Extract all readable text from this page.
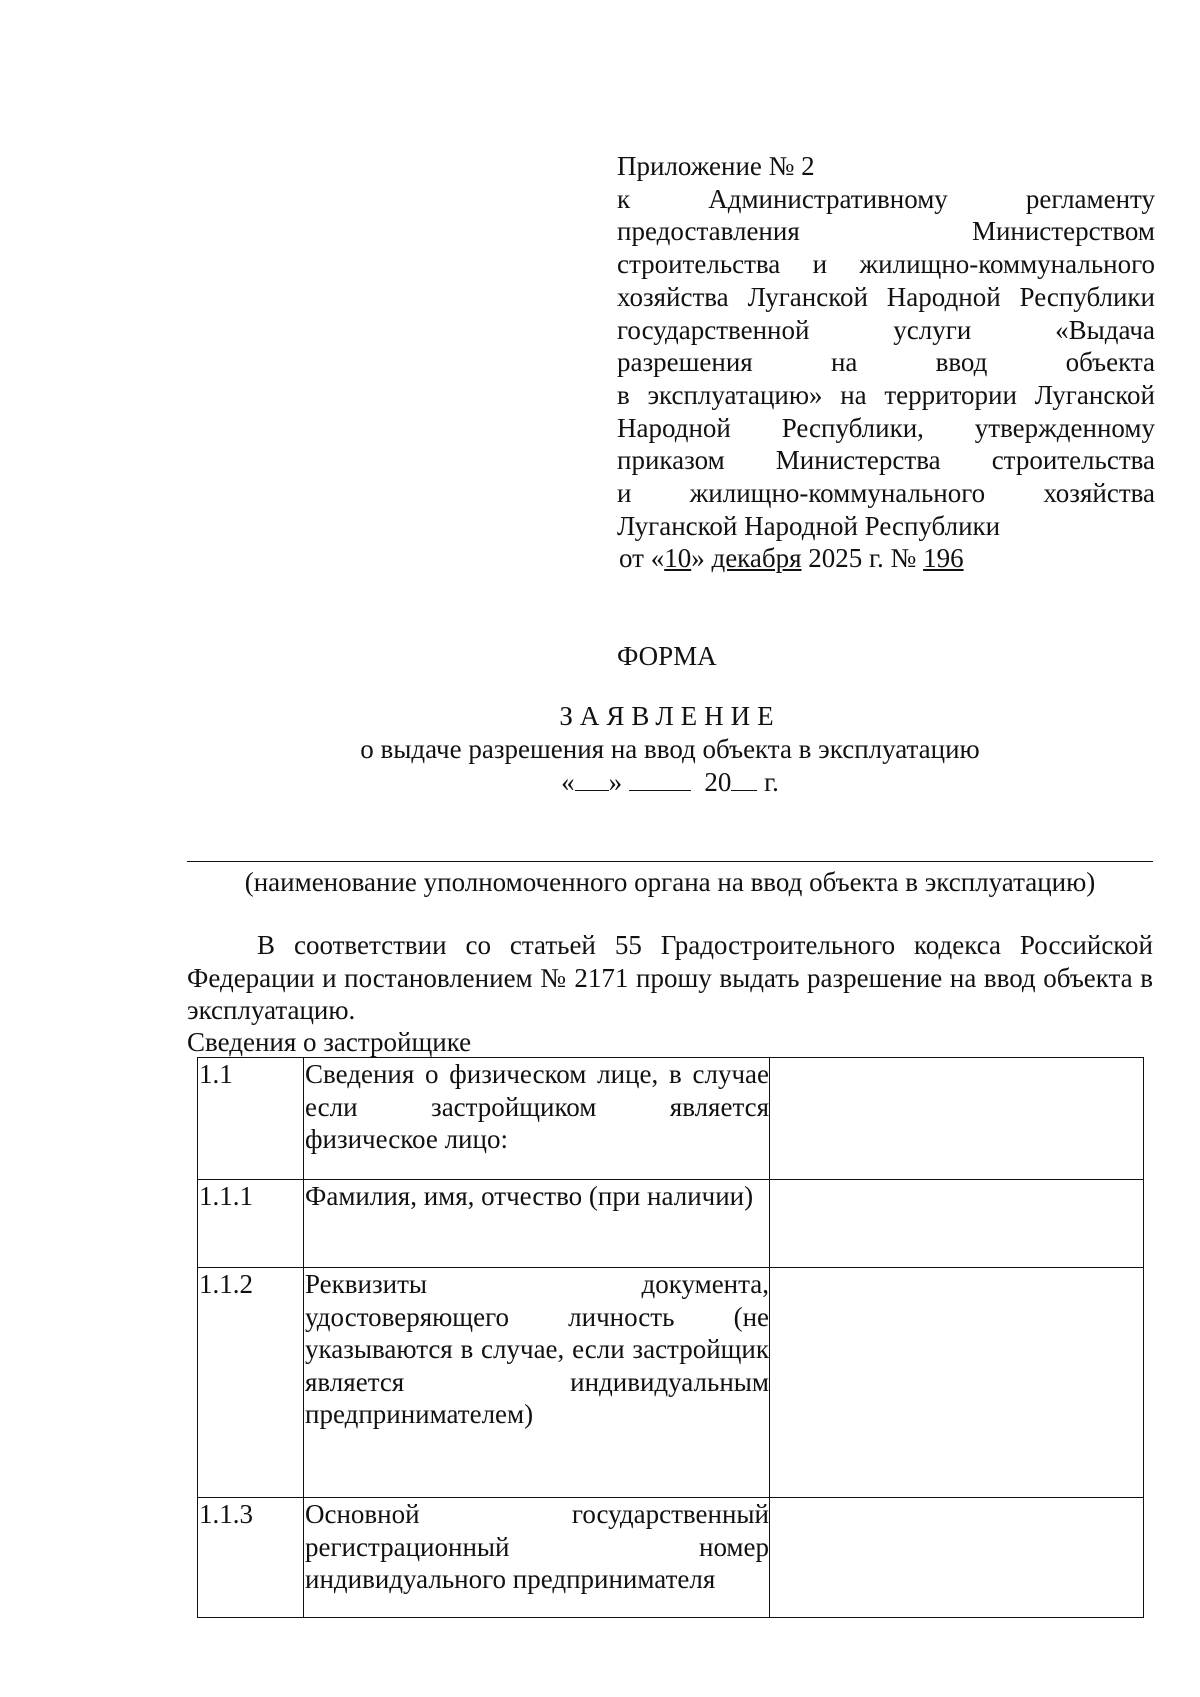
Приложение № 2

к Административному регламенту

предоставления Министерством

строительства и жилищно-коммунального

хозяйства Луганской Народной Республики

государственной услуги «Выдача

разрешения на ввод объекта

в эксплуатацию» на территории Луганской

Народной Республики, утвержденному

приказом Министерства строительства

и жилищно-коммунального хозяйства

Луганской Народной Республики

от «10» декабря 2025 г. № 196

ФОРМА

ЗАЯВЛЕНИЕ
о выдаче разрешения на ввод объекта в эксплуатацию
« »	20 г.

(наименование уполномоченного органа на ввод объекта в эксплуатацию)

В соответствии со статьей 55 Градостроительного кодекса Российской Федерации и постановлением № 2171 прошу выдать разрешение на ввод объекта в эксплуатацию.

Сведения о застройщике

1.1	Сведения о физическом лице, в случае если застройщиком является физическое лицо:	
1.1.1	Фамилия, имя, отчество (при наличии)	
1.1.2	Реквизиты документа, удостоверяющего личность (не указываются в случае, если застройщик является индивидуальным предпринимателем)	
1.1.3	Основной государственный регистрационный номер индивидуального предпринимателя	
